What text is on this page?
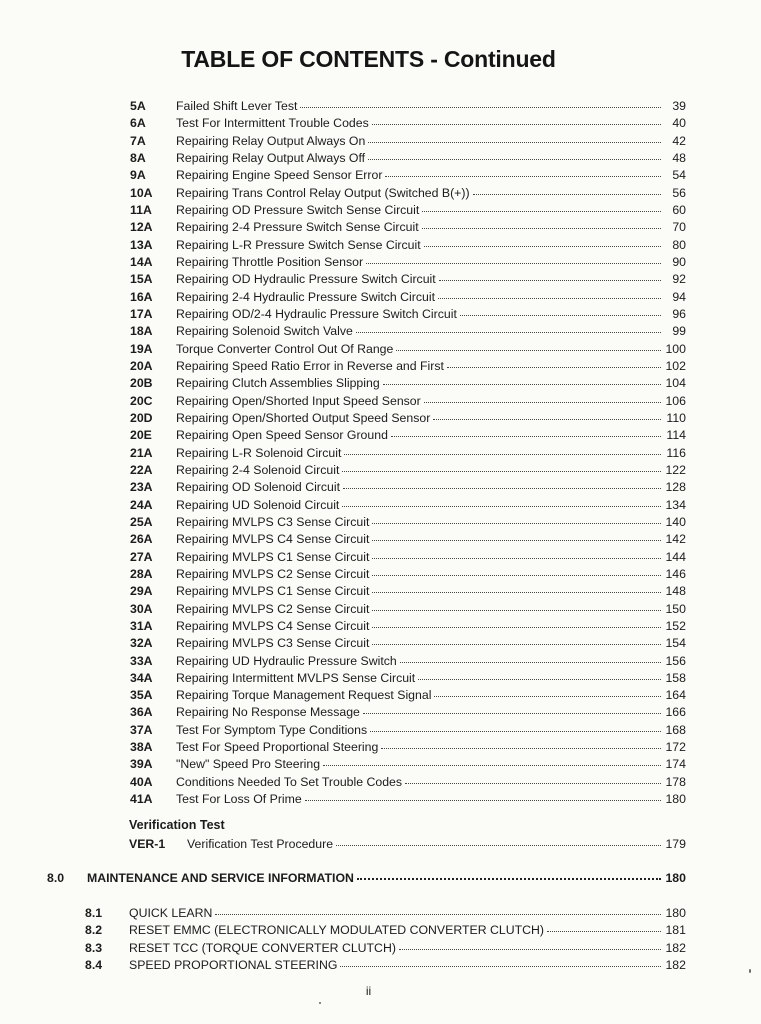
TABLE OF CONTENTS - Continued
5A	Failed Shift Lever Test	39
6A	Test For Intermittent Trouble Codes	40
7A	Repairing Relay Output Always On	42
8A	Repairing Relay Output Always Off	48
9A	Repairing Engine Speed Sensor Error	54
10A	Repairing Trans Control Relay Output (Switched B(+))	56
11A	Repairing OD Pressure Switch Sense Circuit	60
12A	Repairing 2-4 Pressure Switch Sense Circuit	70
13A	Repairing L-R Pressure Switch Sense Circuit	80
14A	Repairing Throttle Position Sensor	90
15A	Repairing OD Hydraulic Pressure Switch Circuit	92
16A	Repairing 2-4 Hydraulic Pressure Switch Circuit	94
17A	Repairing OD/2-4 Hydraulic Pressure Switch Circuit	96
18A	Repairing Solenoid Switch Valve	99
19A	Torque Converter Control Out Of Range	100
20A	Repairing Speed Ratio Error in Reverse and First	102
20B	Repairing Clutch Assemblies Slipping	104
20C	Repairing Open/Shorted Input Speed Sensor	106
20D	Repairing Open/Shorted Output Speed Sensor	110
20E	Repairing Open Speed Sensor Ground	114
21A	Repairing L-R Solenoid Circuit	116
22A	Repairing 2-4 Solenoid Circuit	122
23A	Repairing OD Solenoid Circuit	128
24A	Repairing UD Solenoid Circuit	134
25A	Repairing MVLPS C3 Sense Circuit	140
26A	Repairing MVLPS C4 Sense Circuit	142
27A	Repairing MVLPS C1 Sense Circuit	144
28A	Repairing MVLPS C2 Sense Circuit	146
29A	Repairing MVLPS C1 Sense Circuit	148
30A	Repairing MVLPS C2 Sense Circuit	150
31A	Repairing MVLPS C4 Sense Circuit	152
32A	Repairing MVLPS C3 Sense Circuit	154
33A	Repairing UD Hydraulic Pressure Switch	156
34A	Repairing Intermittent MVLPS Sense Circuit	158
35A	Repairing Torque Management Request Signal	164
36A	Repairing No Response Message	166
37A	Test For Symptom Type Conditions	168
38A	Test For Speed Proportional Steering	172
39A	"New" Speed Pro Steering	174
40A	Conditions Needed To Set Trouble Codes	178
41A	Test For Loss Of Prime	180
Verification Test
VER-1	Verification Test Procedure	179
8.0	MAINTENANCE AND SERVICE INFORMATION	180
8.1	QUICK LEARN	180
8.2	RESET EMMC (ELECTRONICALLY MODULATED CONVERTER CLUTCH)	181
8.3	RESET TCC (TORQUE CONVERTER CLUTCH)	182
8.4	SPEED PROPORTIONAL STEERING	182
ii
